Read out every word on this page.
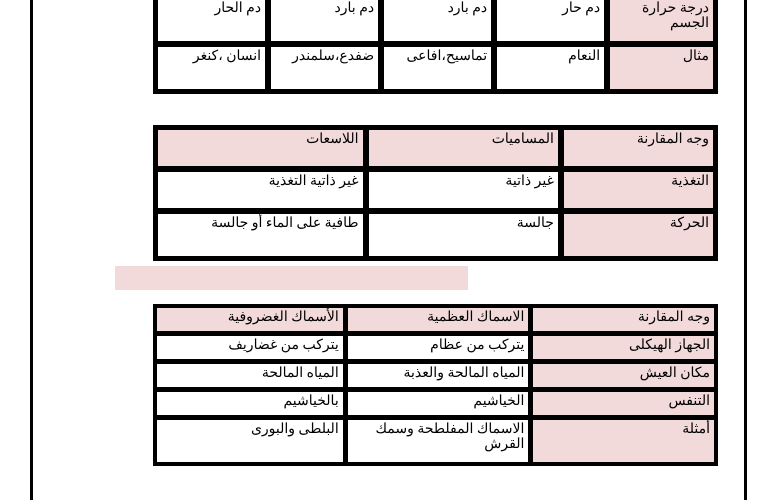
درجة حرارة الجسم	دم حار	دم بارد	دم بارد	دم الحار
مثال	النعام	تماسيح،افاعى	ضفدع،سلمندر	انسان ،كنغر
وجه المقارنة	المساميات	اللاسعات
التغذية	غير ذاتية	غير ذاتية التغذية
الحركة	جالسة	طافية على الماء أو جالسة
وجه المقارنة	الاسماك العظمية	الأسماك الغضروفية
الجهاز الهيكلى	يتركب من عظام	يتركب من غضاريف
مكان العيش	المياه المالحة والعذبة	المياه المالحة
التنفس	الخياشيم	بالخياشيم
أمثلة	الاسماك المفلطحة وسمك القرش	البلطى والبورى
